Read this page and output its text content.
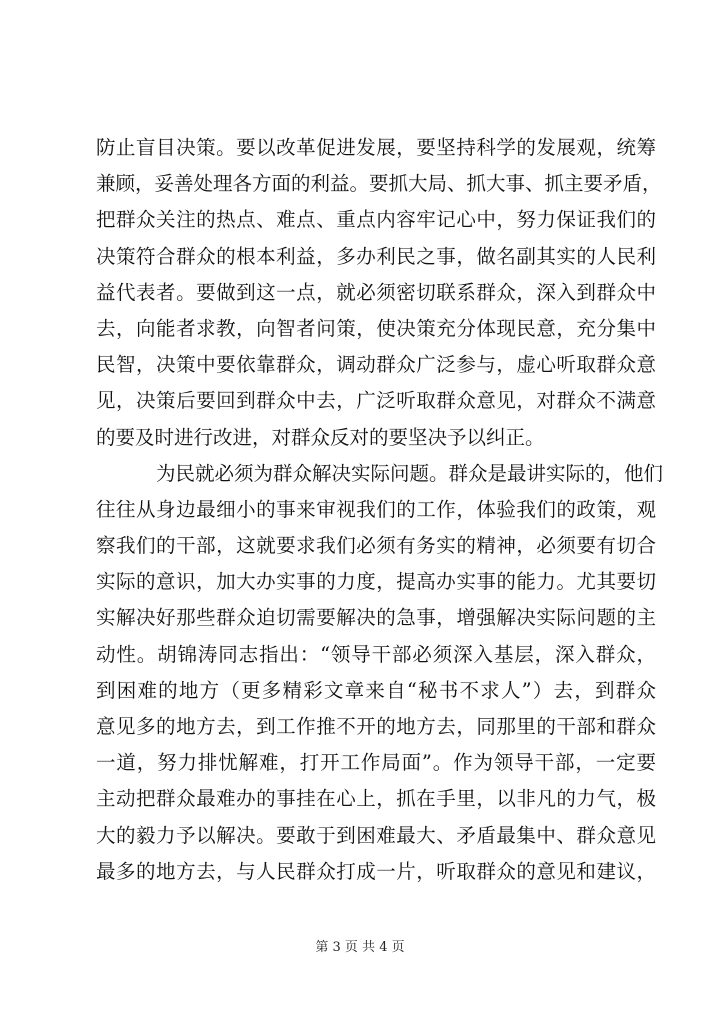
防止盲目决策。要以改革促进发展，要坚持科学的发展观，统筹
兼顾，妥善处理各方面的利益。要抓大局、抓大事、抓主要矛盾，
把群众关注的热点、难点、重点内容牢记心中，努力保证我们的
决策符合群众的根本利益，多办利民之事，做名副其实的人民利
益代表者。要做到这一点，就必须密切联系群众，深入到群众中
去，向能者求教，向智者问策，使决策充分体现民意，充分集中
民智，决策中要依靠群众，调动群众广泛参与，虚心听取群众意
见，决策后要回到群众中去，广泛听取群众意见，对群众不满意
的要及时进行改进，对群众反对的要坚决予以纠正。
为民就必须为群众解决实际问题。群众是最讲实际的，他们
往往从身边最细小的事来审视我们的工作，体验我们的政策，观
察我们的干部，这就要求我们必须有务实的精神，必须要有切合
实际的意识，加大办实事的力度，提高办实事的能力。尤其要切
实解决好那些群众迫切需要解决的急事，增强解决实际问题的主
动性。胡锦涛同志指出：“领导干部必须深入基层，深入群众，
到困难的地方（更多精彩文章来自“秘书不求人”）去，到群众
意见多的地方去，到工作推不开的地方去，同那里的干部和群众
一道，努力排忧解难，打开工作局面”。作为领导干部，一定要
主动把群众最难办的事挂在心上，抓在手里，以非凡的力气，极
大的毅力予以解决。要敢于到困难最大、矛盾最集中、群众意见
最多的地方去，与人民群众打成一片，听取群众的意见和建议，
第 3 页 共 4 页
